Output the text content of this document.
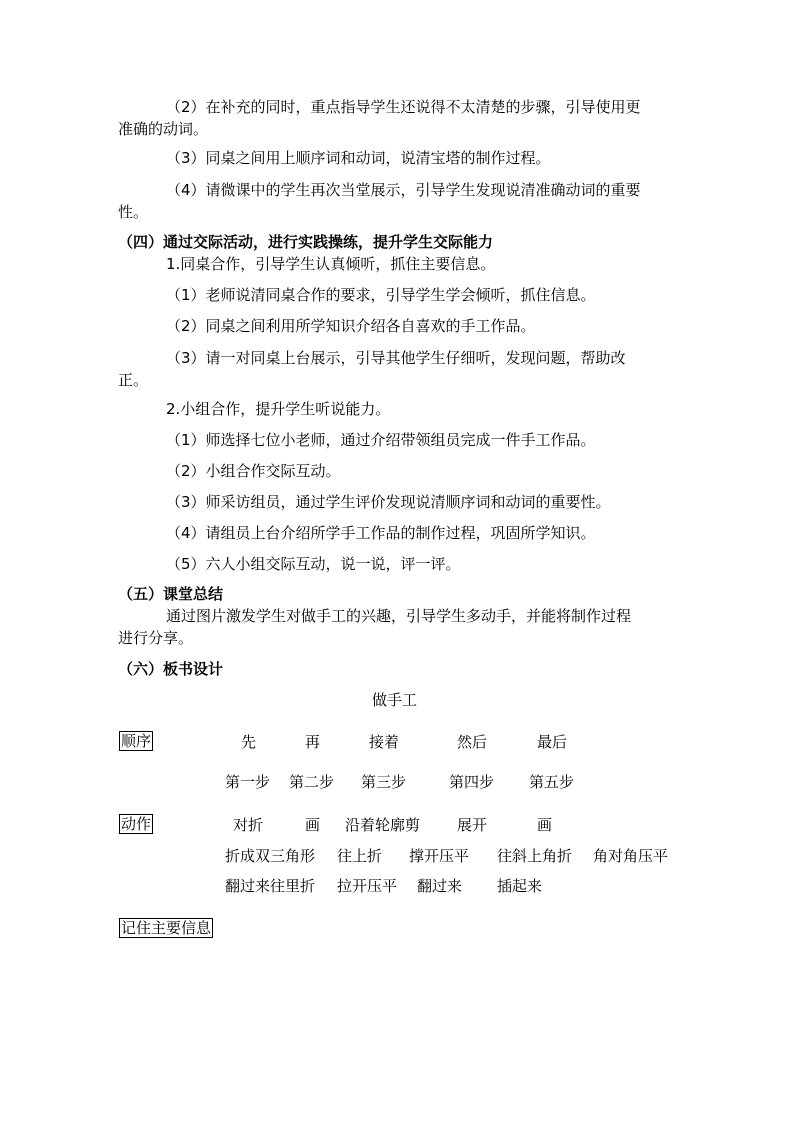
（2）在补充的同时，重点指导学生还说得不太清楚的步骤，引导使用更
准确的动词。
（3）同桌之间用上顺序词和动词，说清宝塔的制作过程。
（4）请微课中的学生再次当堂展示，引导学生发现说清准确动词的重要
性。
（四）通过交际活动，进行实践操练，提升学生交际能力
1.同桌合作，引导学生认真倾听，抓住主要信息。
（1）老师说清同桌合作的要求，引导学生学会倾听，抓住信息。
（2）同桌之间利用所学知识介绍各自喜欢的手工作品。
（3）请一对同桌上台展示，引导其他学生仔细听，发现问题，帮助改
正。
2.小组合作，提升学生听说能力。
（1）师选择七位小老师，通过介绍带领组员完成一件手工作品。
（2）小组合作交际互动。
（3）师采访组员，通过学生评价发现说清顺序词和动词的重要性。
（4）请组员上台介绍所学手工作品的制作过程，巩固所学知识。
（5）六人小组交际互动，说一说，评一评。
（五）课堂总结
通过图片激发学生对做手工的兴趣，引导学生多动手，并能将制作过程
进行分享。
（六）板书设计
做手工
顺序	先	再	接着	然后	最后
第一步 第二步 第三步	第四步 第五步
动作	对折	画 沿着轮廓剪 展开	画
折成双三角形 往上折 撑开压平 往斜上角折 角对角压平
翻过来往里折 拉开压平 翻过来 插起来
记住主要信息
